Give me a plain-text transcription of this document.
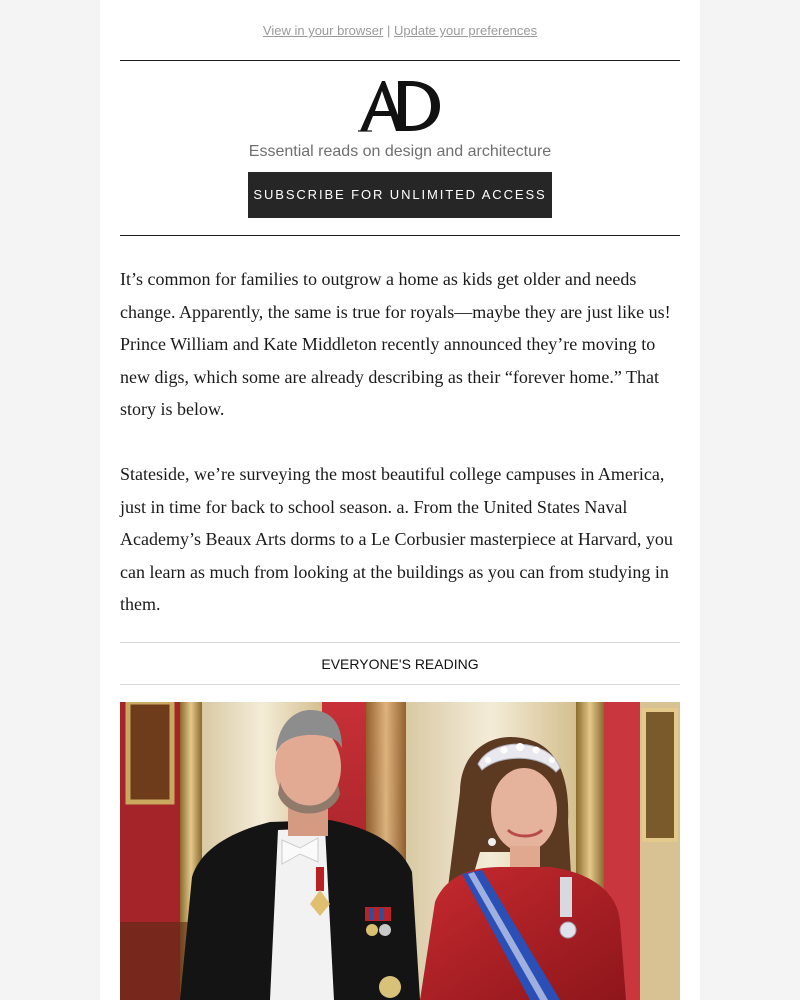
View in your browser | Update your preferences
Essential reads on design and architecture
SUBSCRIBE FOR UNLIMITED ACCESS

It’s common for families to outgrow a home as kids get older and needs change. Apparently, the same is true for royals—maybe they are just like us! Prince William and Kate Middleton recently announced they’re moving to new digs, which some are already describing as their “forever home.” That story is below.

Stateside, we’re surveying the most beautiful college campuses in America, just in time for back to school season. a. From the United States Naval Academy’s Beaux Arts dorms to a Le Corbusier masterpiece at Harvard, you can learn as much from looking at the buildings as you can from studying in them.

EVERYONE'S READING
